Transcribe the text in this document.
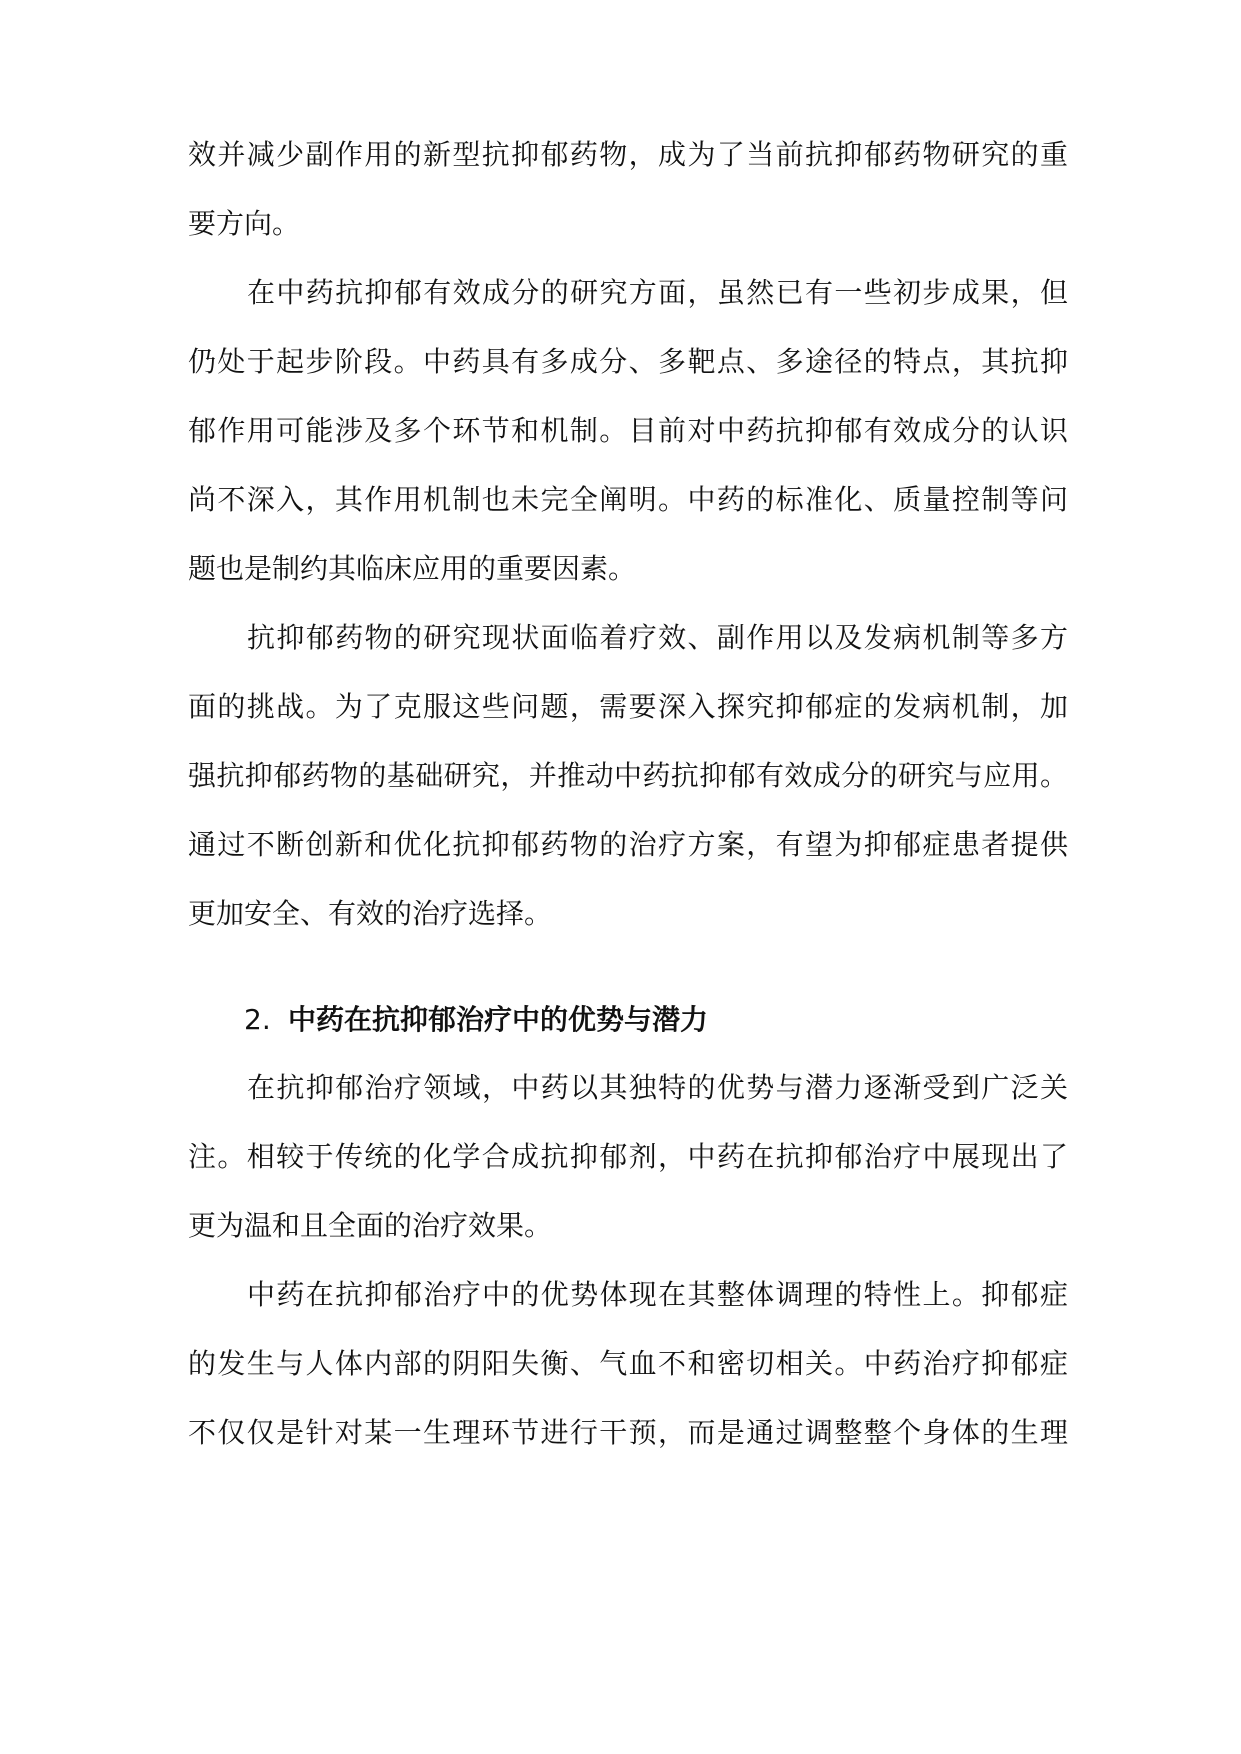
效并减少副作用的新型抗抑郁药物，成为了当前抗抑郁药物研究的重
要方向。
在中药抗抑郁有效成分的研究方面，虽然已有一些初步成果，但
仍处于起步阶段。中药具有多成分、多靶点、多途径的特点，其抗抑
郁作用可能涉及多个环节和机制。目前对中药抗抑郁有效成分的认识
尚不深入，其作用机制也未完全阐明。中药的标准化、质量控制等问
题也是制约其临床应用的重要因素。
抗抑郁药物的研究现状面临着疗效、副作用以及发病机制等多方
面的挑战。为了克服这些问题，需要深入探究抑郁症的发病机制，加
强抗抑郁药物的基础研究，并推动中药抗抑郁有效成分的研究与应用。
通过不断创新和优化抗抑郁药物的治疗方案，有望为抑郁症患者提供
更加安全、有效的治疗选择。
2. 中药在抗抑郁治疗中的优势与潜力
在抗抑郁治疗领域，中药以其独特的优势与潜力逐渐受到广泛关
注。相较于传统的化学合成抗抑郁剂，中药在抗抑郁治疗中展现出了
更为温和且全面的治疗效果。
中药在抗抑郁治疗中的优势体现在其整体调理的特性上。抑郁症
的发生与人体内部的阴阳失衡、气血不和密切相关。中药治疗抑郁症
不仅仅是针对某一生理环节进行干预，而是通过调整整个身体的生理
